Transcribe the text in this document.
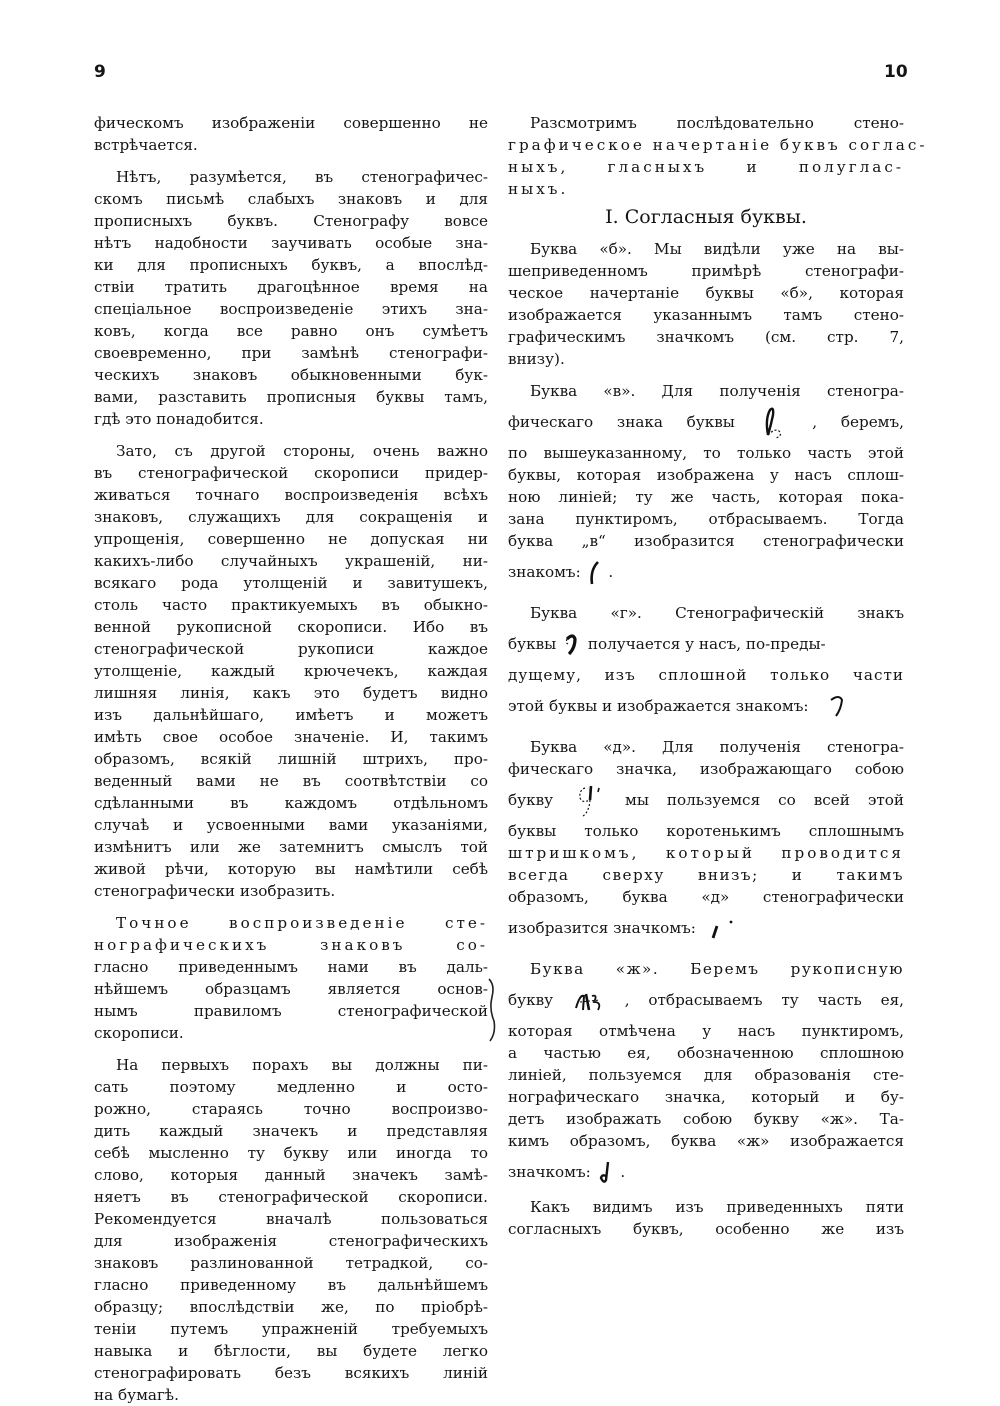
9	10
фическомъ изображенiи совершенно не
встрѣчается.
Нѣтъ, разумѣется, въ стенографичес-
скомъ письмѣ слабыхъ знаковъ и для
прописныхъ буквъ. Стенографу вовсе
нѣтъ надобности заучивать особые зна-
ки для прописныхъ буквъ, а впослѣд-
ствiи тратить драгоцѣнное время на
спецiальное воспроизведенiе этихъ зна-
ковъ, когда все равно онъ сумѣетъ
своевременно, при замѣнѣ стенографи-
ческихъ знаковъ обыкновенными бук-
вами, разставить прописныя буквы тамъ,
гдѣ это понадобится.
Зато, съ другой стороны, очень важно
въ стенографической скорописи придер-
живаться точнаго воспроизведенiя всѣхъ
знаковъ, служащихъ для сокращенiя и
упрощенiя, совершенно не допуская ни
какихъ-либо случайныхъ украшенiй, ни-
всякаго рода утолщенiй и завитушекъ,
столь часто практикуемыхъ въ обыкно-
венной рукописной скорописи. Ибо въ
стенографической рукописи каждое
утолщенiе, каждый крючечекъ, каждая
лишняя линiя, какъ это будетъ видно
изъ дальнѣйшаго, имѣетъ и можетъ
имѣть свое особое значенiе. И, такимъ
образомъ, всякiй лишнiй штрихъ, про-
веденный вами не въ соотвѣтствiи со
сдѣланными въ каждомъ отдѣльномъ
случаѣ и усвоенными вами указанiями,
измѣнитъ или же затемнитъ смыслъ той
живой рѣчи, которую вы намѣтили себѣ
стенографически изобразить.
Точное воспроизведенiе сте-
нографическихъ знаковъ со-
гласно приведеннымъ нами въ даль-
нѣйшемъ образцамъ является основ-
нымъ правиломъ стенографической
скорописи.
На первыхъ порахъ вы должны пи-
сать поэтому медленно и осто-
рожно, стараясь точно воспроизво-
дить каждый значекъ и представляя
себѣ мысленно ту букву или иногда то
слово, которыя данный значекъ замѣ-
няетъ въ стенографической скорописи.
Рекомендуется вначалѣ пользоваться
для изображенiя стенографическихъ
знаковъ разлинованной тетрадкой, со-
гласно приведенному въ дальнѣйшемъ
образцу; впослѣдствiи же, по прiобрѣ-
тенiи путемъ упражненiй требуемыхъ
навыка и бѣглости, вы будете легко
стенографировать безъ всякихъ линiй
на бумагѣ.
Разсмотримъ послѣдовательно стено-
графическое начертанiе буквъ соглас-
ныхъ, гласныхъ и полуглас-
ныхъ.
I. Согласныя буквы.
Буква «б». Мы видѣли уже на вы-
шеприведенномъ примѣрѣ стенографи-
ческое начертанiе буквы «б», которая
изображается указаннымъ тамъ стено-
графическимъ значкомъ (см. стр. 7,
внизу).
Буква «в». Для полученiя стеногра-
фическаго знака буквы	, беремъ,
по вышеуказанному, то только часть этой
буквы, которая изображена у насъ сплош-
ною линiей; ту же часть, которая пока-
зана пунктиромъ, отбрасываемъ. Тогда
буква „в“ изобразится стенографически
знакомъ: .
Буква «г». Стенографическiй знакъ
буквы получается у насъ, по-преды-
дущему, изъ сплошной только части
этой буквы и изображается знакомъ:
Буква «д». Для полученiя стеногра-
фическаго значка, изображающаго собою
букву	мы пользуемся со всей этой
буквы только коротенькимъ сплошнымъ
штришкомъ, который проводится
всегда сверху внизъ; и такимъ
образомъ, буква «д» стенографически
изобразится значкомъ:
Буква «ж». Беремъ рукописную
букву	, отбрасываемъ ту часть ея,
которая отмѣчена у насъ пунктиромъ,
а частью ея, обозначенною сплошною
линiей, пользуемся для образованiя сте-
нографическаго значка, который и бу-
детъ изображать собою букву «ж». Та-
кимъ образомъ, буква «ж» изображается
значкомъ: .
Какъ видимъ изъ приведенныхъ пяти
согласныхъ буквъ, особенно же изъ
